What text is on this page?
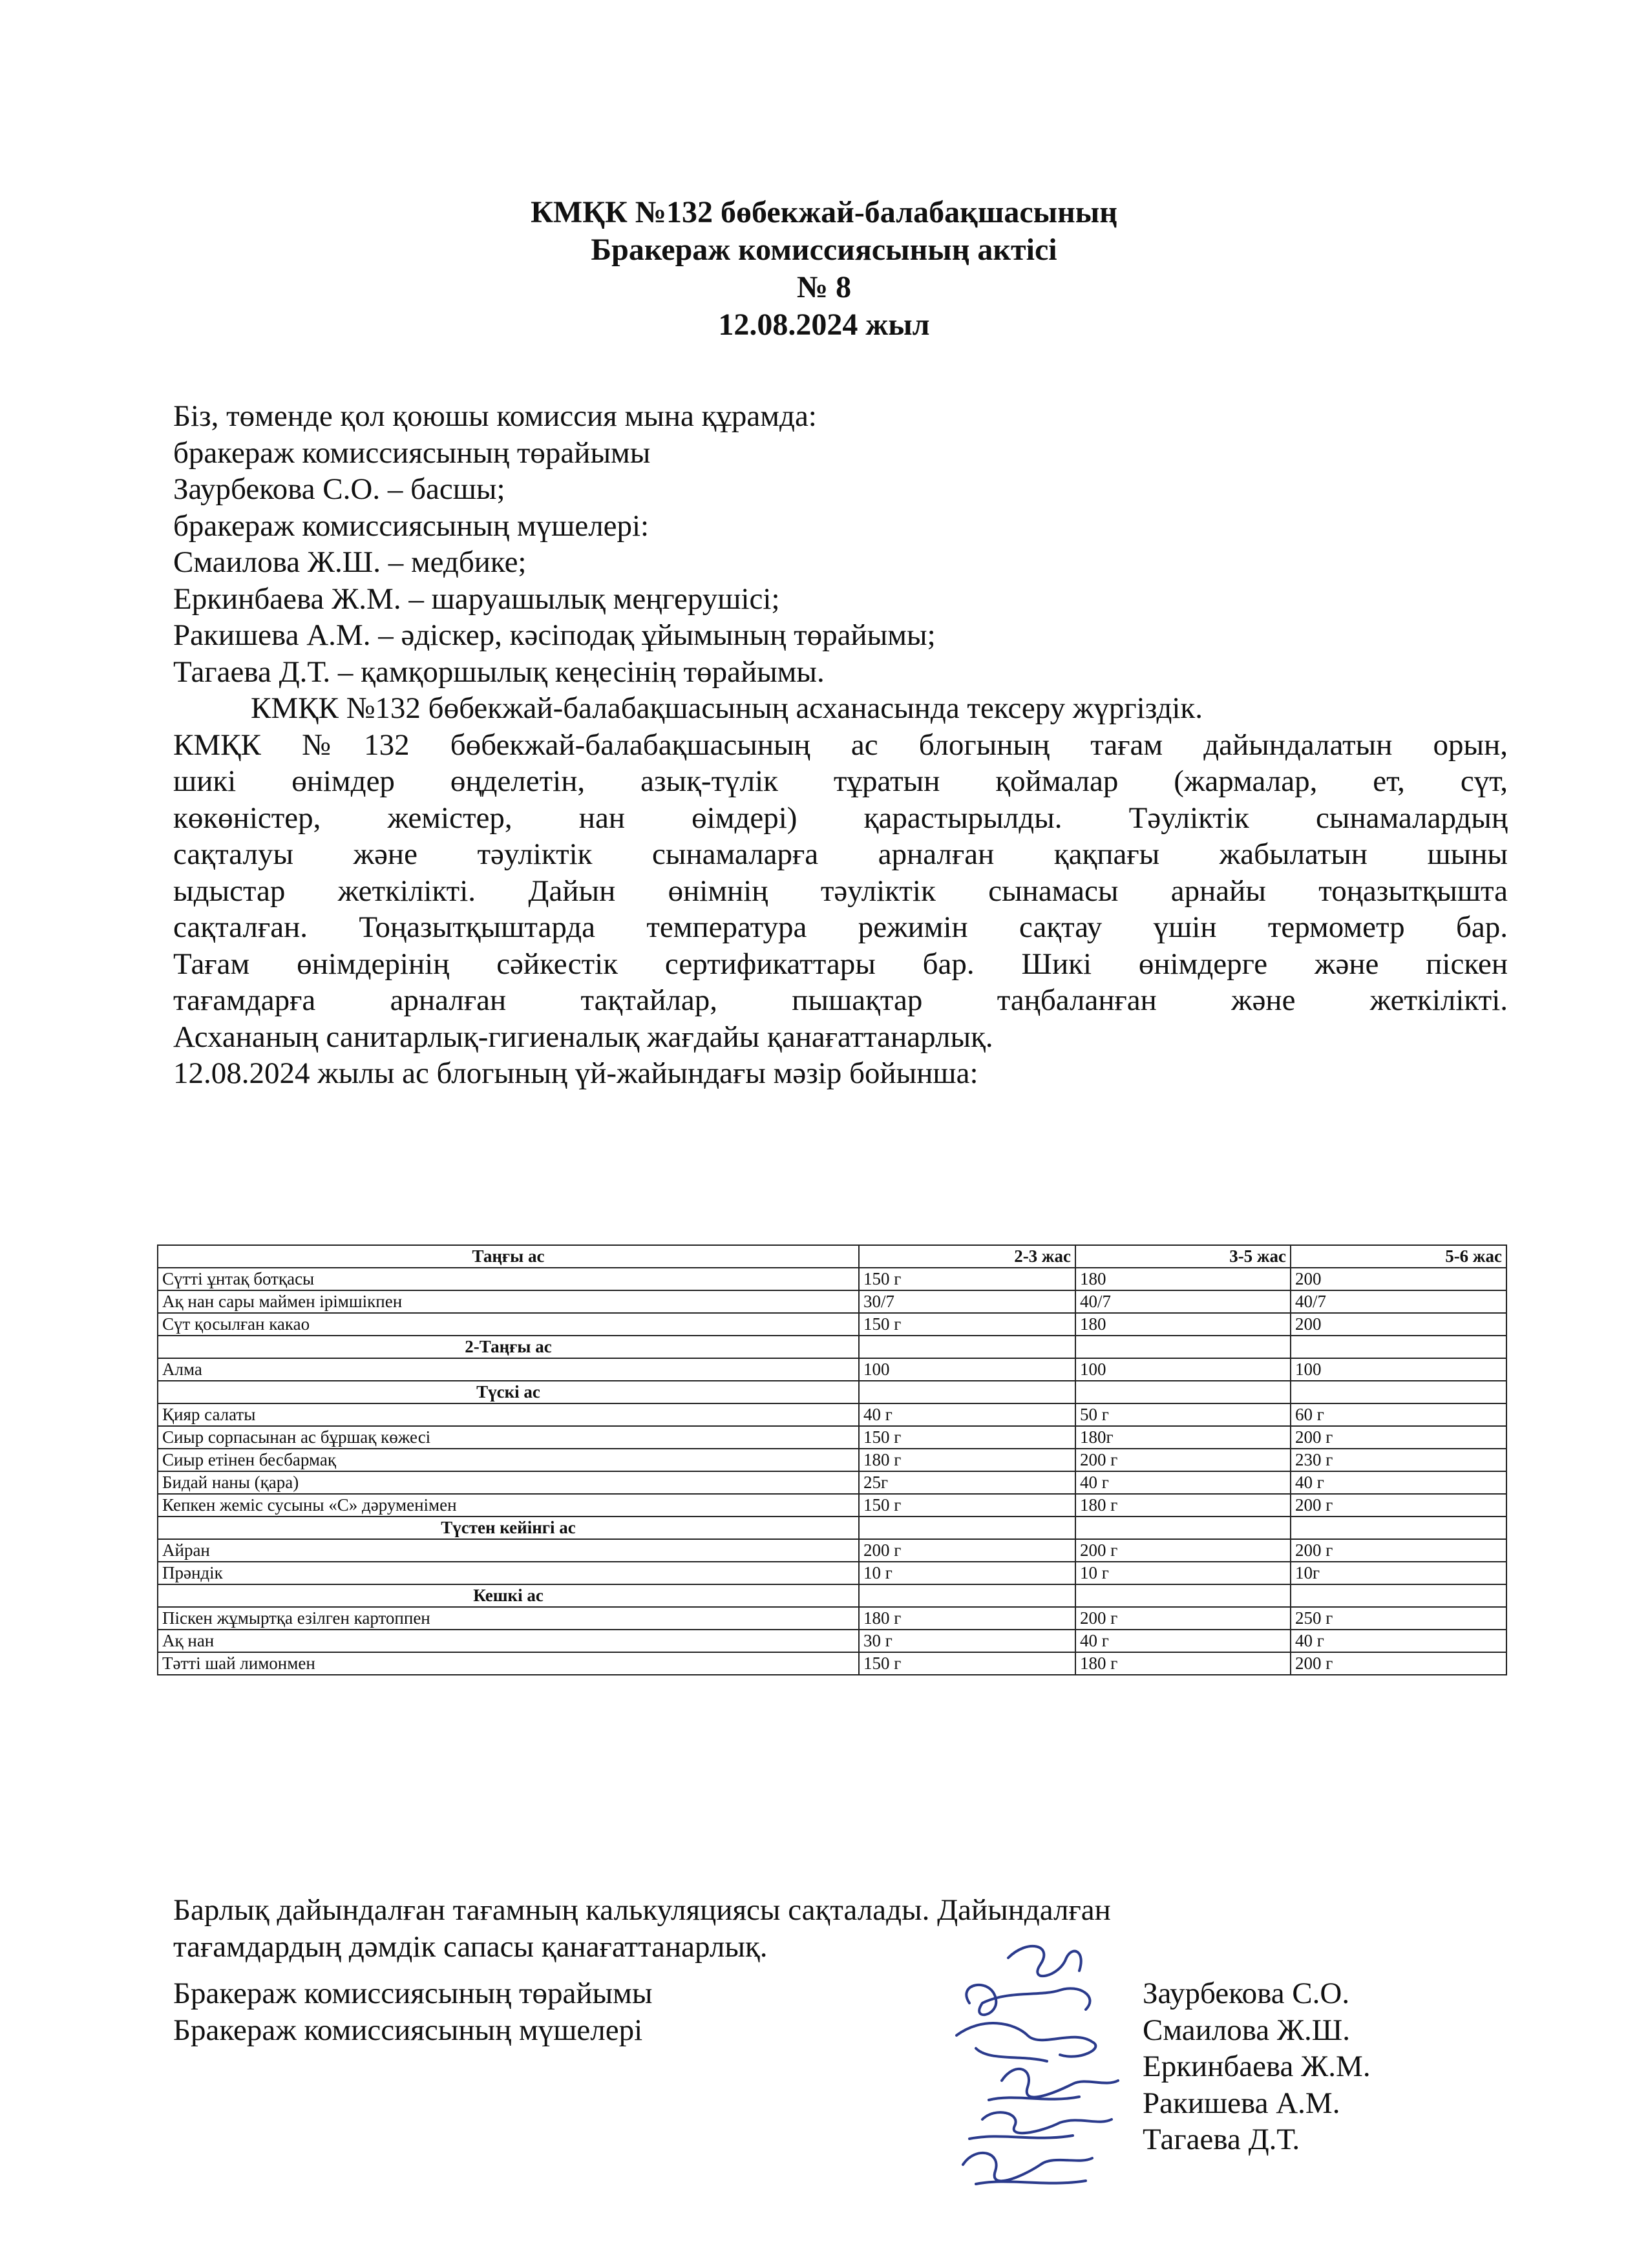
КМҚК №132 бөбекжай-балабақшасының
Бракераж комиссиясының актісі
№ 8
12.08.2024 жыл
Біз, төменде қол қоюшы комиссия мына құрамда:
бракераж комиссиясының төрайымы
Заурбекова С.О. – басшы;
бракераж комиссиясының мүшелері:
Смаилова Ж.Ш. – медбике;
Еркинбаева Ж.М. – шаруашылық меңгерушісі;
Ракишева А.М. – әдіскер, кәсіподақ ұйымының төрайымы;
Тагаева Д.Т. – қамқоршылық кеңесінің төрайымы.
КМҚК №132 бөбекжай-балабақшасының асханасында тексеру жүргіздік.
КМҚК №132 бөбекжай-балабақшасының ас блогының тағам дайындалатын орын,
шикі өнімдер өңделетін, азық-түлік тұратын қоймалар (жармалар, ет, сүт,
көкөністер, жемістер, нан өімдері) қарастырылды. Тәуліктік сынамалардың
сақталуы және тәуліктік сынамаларға арналған қақпағы жабылатын шыны
ыдыстар жеткілікті. Дайын өнімнің тәуліктік сынамасы арнайы тоңазытқышта
сақталған. Тоңазытқыштарда температура режимін сақтау үшін термометр бар.
Тағам өнімдерінің сәйкестік сертификаттары бар. Шикі өнімдерге және піскен
тағамдарға арналған тақтайлар, пышақтар таңбаланған және жеткілікті.
Асхананың санитарлық-гигиеналық жағдайы қанағаттанарлық.
12.08.2024 жылы ас блогының үй-жайындағы мәзір бойынша:
Таңғы ас	2-3 жас	3-5 жас	5-6 жас
Сүтті ұнтақ ботқасы	150 г	180	200
Ақ нан сары маймен ірімшікпен	30/7	40/7	40/7
Сүт қосылған какао	150 г	180	200
2-Таңғы ас			
Алма	100	100	100
Түскі ас			
Қияр салаты	40 г	50 г	60 г
Сиыр сорпасынан ас бұршақ көжесі	150 г	180г	200 г
Сиыр етінен бесбармақ	180 г	200 г	230 г
Бидай наны (қара)	25г	40 г	40 г
Кепкен жеміс сусыны «С» дәруменімен	150 г	180 г	200 г
Түстен кейінгі ас			
Айран	200 г	200 г	200 г
Прәндік	10 г	10 г	10г
Кешкі ас			
Піскен жұмыртқа езілген картоппен	180 г	200 г	250 г
Ақ нан	30 г	40 г	40 г
Тәтті шай лимонмен	150 г	180 г	200 г
Барлық дайындалған тағамның калькуляциясы сақталады. Дайындалған
тағамдардың дәмдік сапасы қанағаттанарлық.
Бракераж комиссиясының төрайымы
Бракераж комиссиясының мүшелері
Заурбекова С.О.
Смаилова Ж.Ш.
Еркинбаева Ж.М.
Ракишева А.М.
Тагаева Д.Т.
